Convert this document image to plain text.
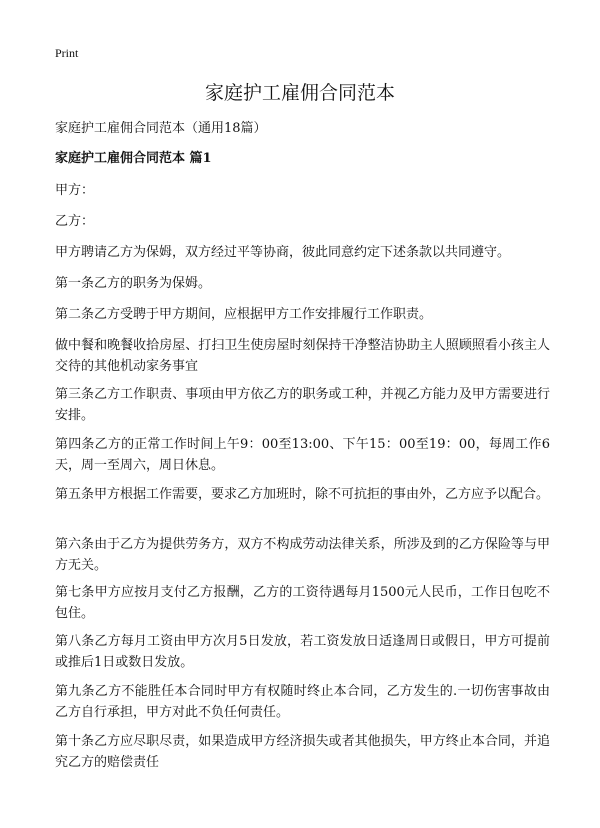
Print
家庭护工雇佣合同范本
家庭护工雇佣合同范本（通用18篇）
家庭护工雇佣合同范本 篇1

甲方：

乙方：

甲方聘请乙方为保姆，双方经过平等协商，彼此同意约定下述条款以共同遵守。

第一条乙方的职务为保姆。

第二条乙方受聘于甲方期间，应根据甲方工作安排履行工作职责。

做中餐和晚餐收拾房屋、打扫卫生使房屋时刻保持干净整洁协助主人照顾照看小孩主人交待的其他机动家务事宜

第三条乙方工作职责、事项由甲方依乙方的职务或工种，并视乙方能力及甲方需要进行安排。

第四条乙方的正常工作时间上午9：00至13:00、下午15：00至19：00，每周工作6天，周一至周六，周日休息。

第五条甲方根据工作需要，要求乙方加班时，除不可抗拒的事由外，乙方应予以配合。

第六条由于乙方为提供劳务方，双方不构成劳动法律关系，所涉及到的乙方保险等与甲方无关。

第七条甲方应按月支付乙方报酬，乙方的工资待遇每月1500元人民币，工作日包吃不包住。

第八条乙方每月工资由甲方次月5日发放，若工资发放日适逢周日或假日，甲方可提前或推后1日或数日发放。

第九条乙方不能胜任本合同时甲方有权随时终止本合同，乙方发生的.一切伤害事故由乙方自行承担，甲方对此不负任何责任。

第十条乙方应尽职尽责，如果造成甲方经济损失或者其他损失，甲方终止本合同，并追究乙方的赔偿责任
